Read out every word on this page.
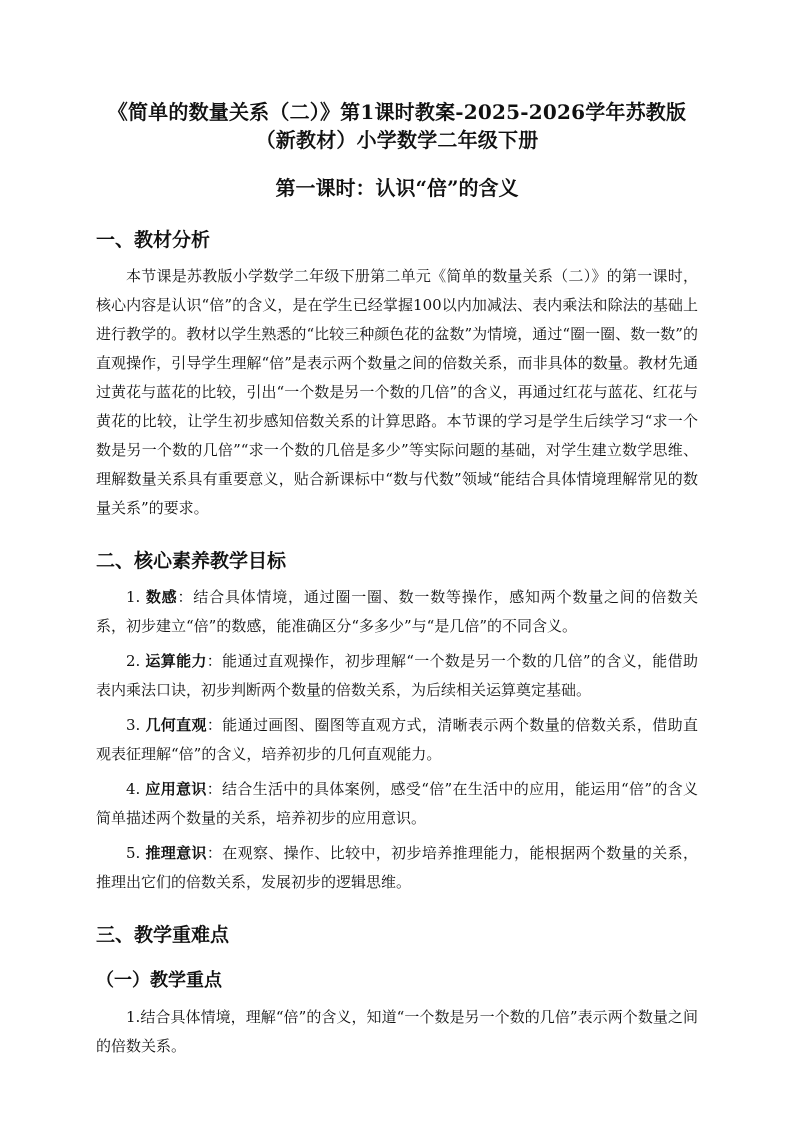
《简单的数量关系（二）》第1课时教案-2025-2026学年苏教版（新教材）小学数学二年级下册
第一课时：认识“倍”的含义
一、教材分析

本节课是苏教版小学数学二年级下册第二单元《简单的数量关系（二）》的第一课时，核心内容是认识“倍”的含义，是在学生已经掌握100以内加减法、表内乘法和除法的基础上进行教学的。教材以学生熟悉的“比较三种颜色花的盆数”为情境，通过“圈一圈、数一数”的直观操作，引导学生理解“倍”是表示两个数量之间的倍数关系，而非具体的数量。教材先通过黄花与蓝花的比较，引出“一个数是另一个数的几倍”的含义，再通过红花与蓝花、红花与黄花的比较，让学生初步感知倍数关系的计算思路。本节课的学习是学生后续学习“求一个数是另一个数的几倍”“求一个数的几倍是多少”等实际问题的基础，对学生建立数学思维、理解数量关系具有重要意义，贴合新课标中“数与代数”领域“能结合具体情境理解常见的数量关系”的要求。

二、核心素养教学目标

1. 数感：结合具体情境，通过圈一圈、数一数等操作，感知两个数量之间的倍数关系，初步建立“倍”的数感，能准确区分“多多少”与“是几倍”的不同含义。

2. 运算能力：能通过直观操作，初步理解“一个数是另一个数的几倍”的含义，能借助表内乘法口诀，初步判断两个数量的倍数关系，为后续相关运算奠定基础。

3. 几何直观：能通过画图、圈图等直观方式，清晰表示两个数量的倍数关系，借助直观表征理解“倍”的含义，培养初步的几何直观能力。

4. 应用意识：结合生活中的具体案例，感受“倍”在生活中的应用，能运用“倍”的含义简单描述两个数量的关系，培养初步的应用意识。

5. 推理意识：在观察、操作、比较中，初步培养推理能力，能根据两个数量的关系，推理出它们的倍数关系，发展初步的逻辑思维。

三、教学重难点
（一）教学重点

1.结合具体情境，理解“倍”的含义，知道“一个数是另一个数的几倍”表示两个数量之间的倍数关系。
